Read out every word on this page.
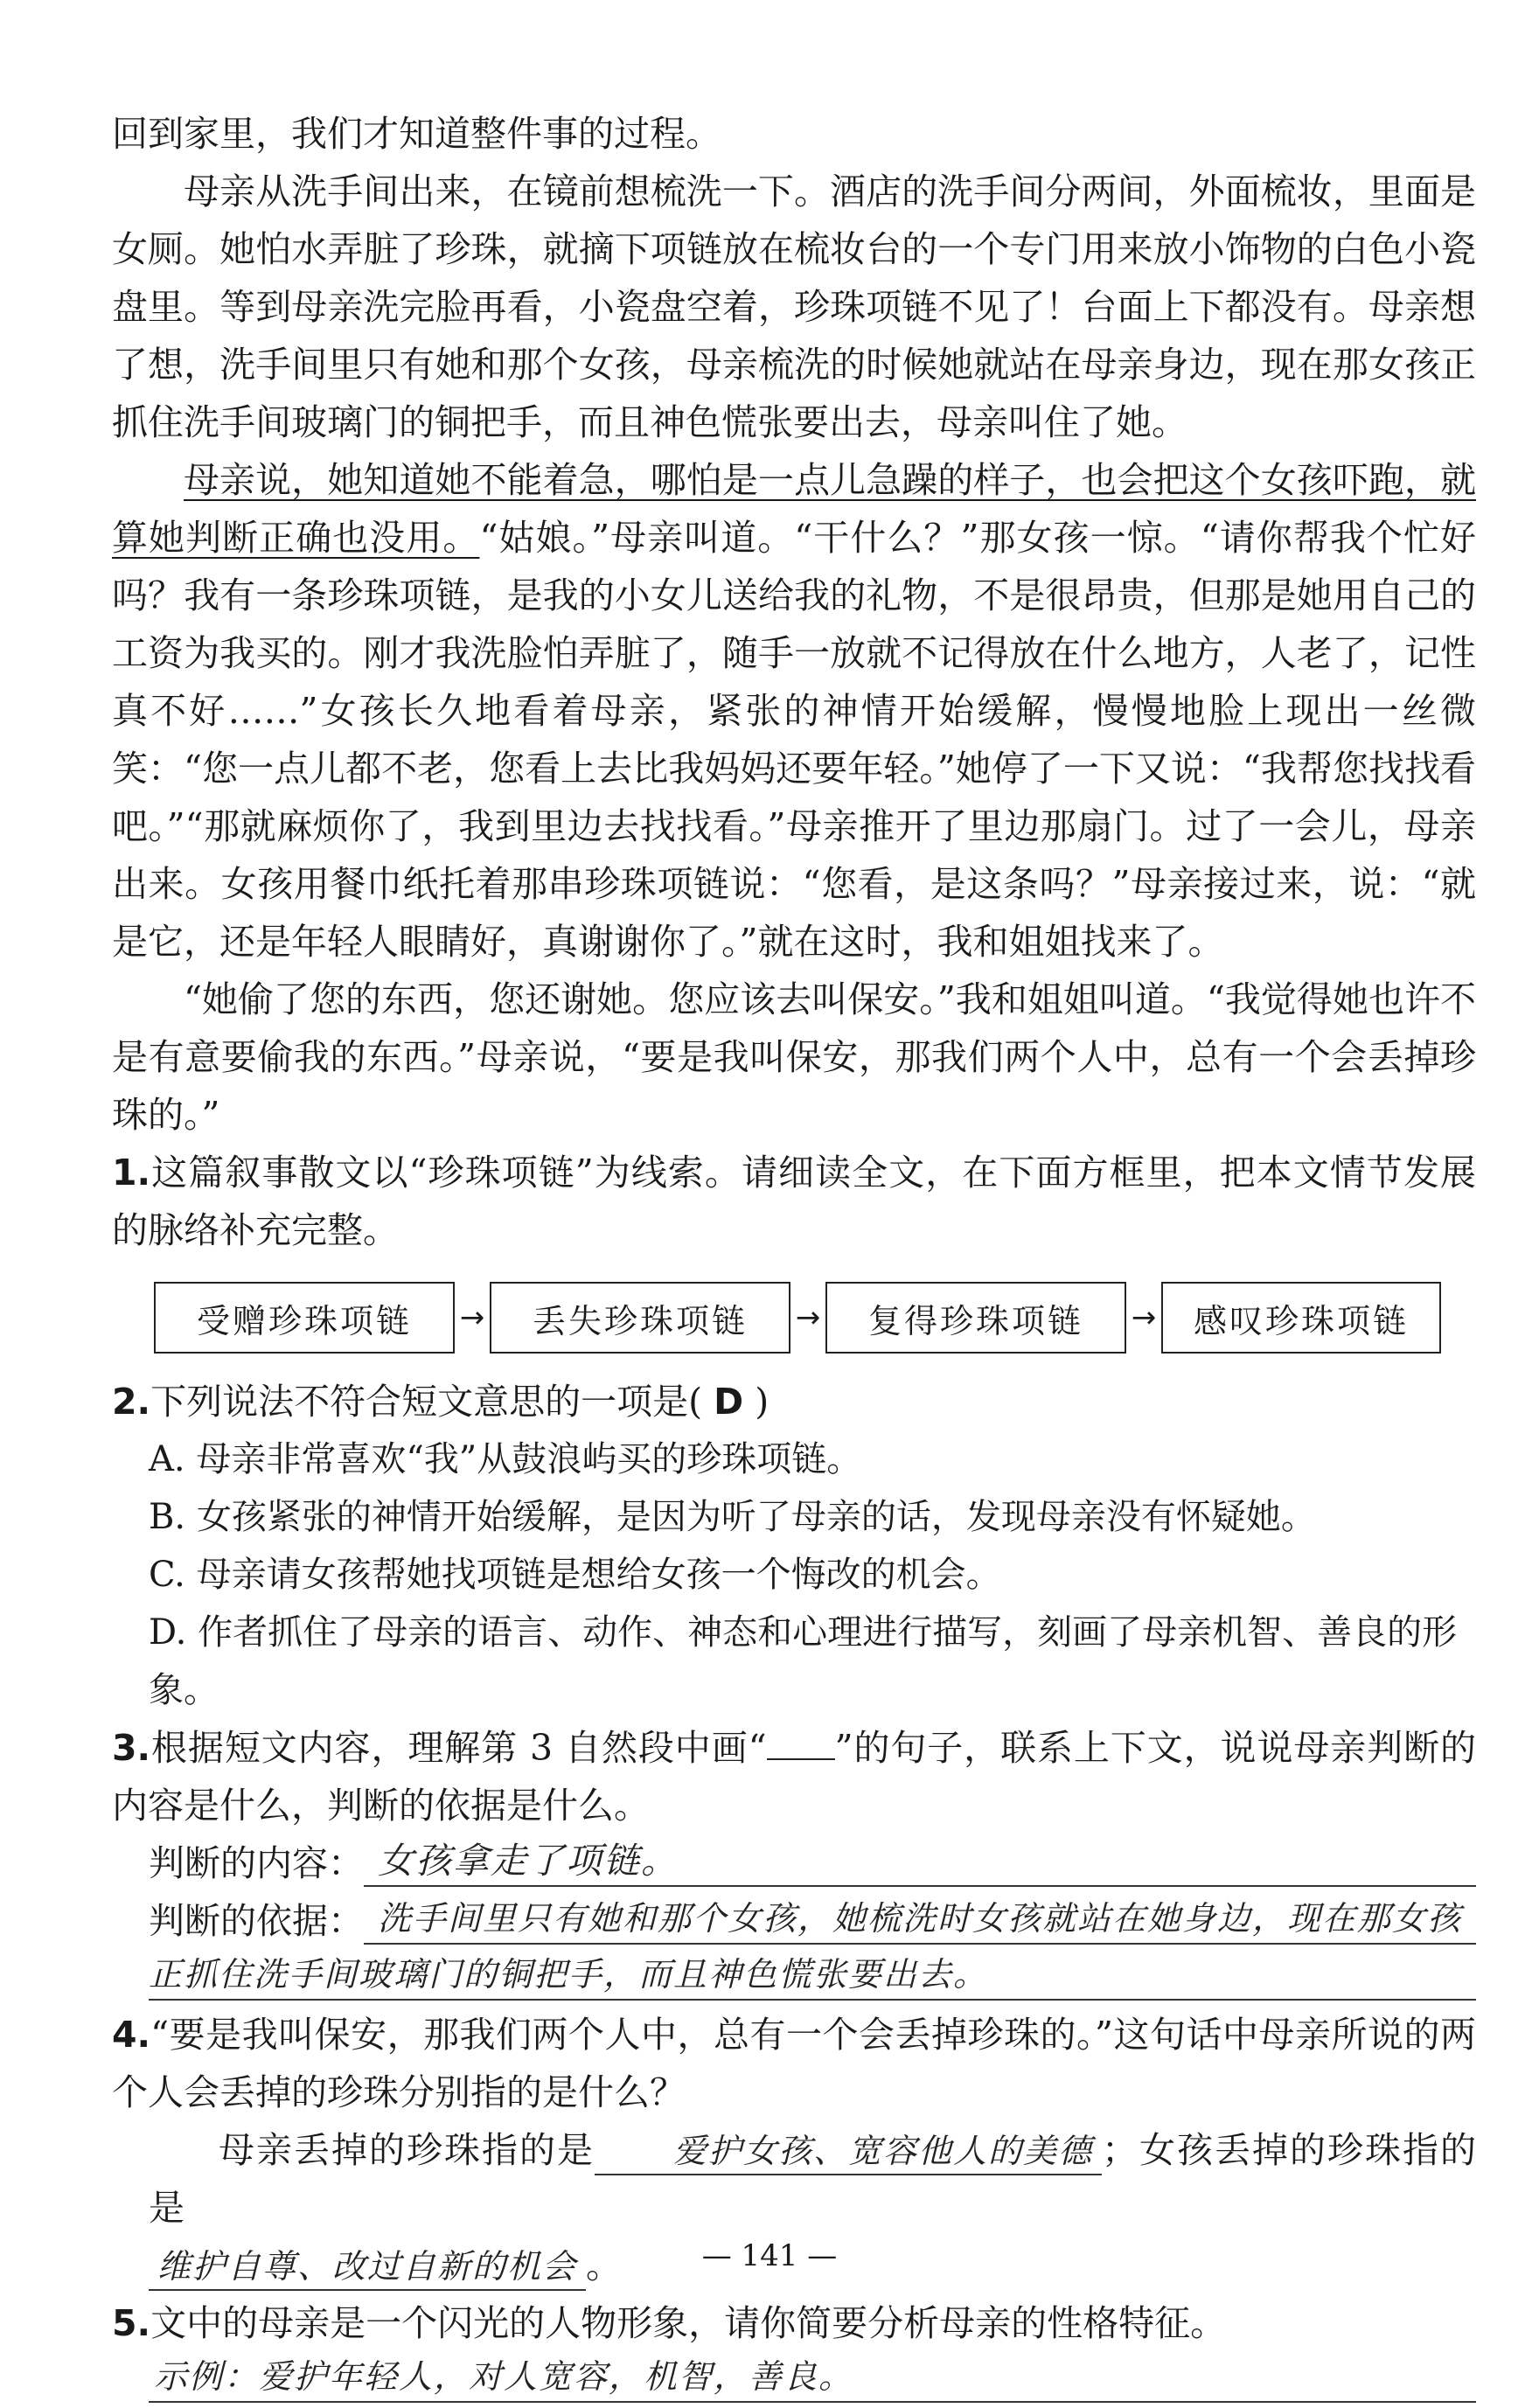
回到家里，我们才知道整件事的过程。

母亲从洗手间出来，在镜前想梳洗一下。酒店的洗手间分两间，外面梳妆，里面是女厕。她怕水弄脏了珍珠，就摘下项链放在梳妆台的一个专门用来放小饰物的白色小瓷盘里。等到母亲洗完脸再看，小瓷盘空着，珍珠项链不见了！台面上下都没有。母亲想了想，洗手间里只有她和那个女孩，母亲梳洗的时候她就站在母亲身边，现在那女孩正抓住洗手间玻璃门的铜把手，而且神色慌张要出去，母亲叫住了她。

母亲说，她知道她不能着急，哪怕是一点儿急躁的样子，也会把这个女孩吓跑，就算她判断正确也没用。“姑娘。”母亲叫道。“干什么？”那女孩一惊。“请你帮我个忙好吗？我有一条珍珠项链，是我的小女儿送给我的礼物，不是很昂贵，但那是她用自己的工资为我买的。刚才我洗脸怕弄脏了，随手一放就不记得放在什么地方，人老了，记性真不好……”女孩长久地看着母亲，紧张的神情开始缓解，慢慢地脸上现出一丝微笑：“您一点儿都不老，您看上去比我妈妈还要年轻。”她停了一下又说：“我帮您找找看吧。”“那就麻烦你了，我到里边去找找看。”母亲推开了里边那扇门。过了一会儿，母亲出来。女孩用餐巾纸托着那串珍珠项链说：“您看，是这条吗？”母亲接过来，说：“就是它，还是年轻人眼睛好，真谢谢你了。”就在这时，我和姐姐找来了。

“她偷了您的东西，您还谢她。您应该去叫保安。”我和姐姐叫道。“我觉得她也许不是有意要偷我的东西。”母亲说，“要是我叫保安，那我们两个人中，总有一个会丢掉珍珠的。”

1.这篇叙事散文以“珍珠项链”为线索。请细读全文，在下面方框里，把本文情节发展的脉络补充完整。

受赠珍珠项链	→	丢失珍珠项链	→	复得珍珠项链	→	感叹珍珠项链

2.下列说法不符合短文意思的一项是( D )

A. 母亲非常喜欢“我”从鼓浪屿买的珍珠项链。
B. 女孩紧张的神情开始缓解，是因为听了母亲的话，发现母亲没有怀疑她。
C. 母亲请女孩帮她找项链是想给女孩一个悔改的机会。
D. 作者抓住了母亲的语言、动作、神态和心理进行描写，刻画了母亲机智、善良的形象。

3.根据短文内容，理解第 3 自然段中画“ ”的句子，联系上下文，说说母亲判断的内容是什么，判断的依据是什么。

判断的内容： 女孩拿走了项链。
判断的依据： 洗手间里只有她和那个女孩，她梳洗时女孩就站在她身边，现在那女孩
正抓住洗手间玻璃门的铜把手，而且神色慌张要出去。

4.“要是我叫保安，那我们两个人中，总有一个会丢掉珍珠的。”这句话中母亲所说的两个人会丢掉的珍珠分别指的是什么？

母亲丢掉的珍珠指的是 爱护女孩、宽容他人的美德 ；女孩丢掉的珍珠指的是

维护自尊、改过自新的机会 。

5.文中的母亲是一个闪光的人物形象，请你简要分析母亲的性格特征。

示例：爱护年轻人，对人宽容，机智，善良。
— 141 —
